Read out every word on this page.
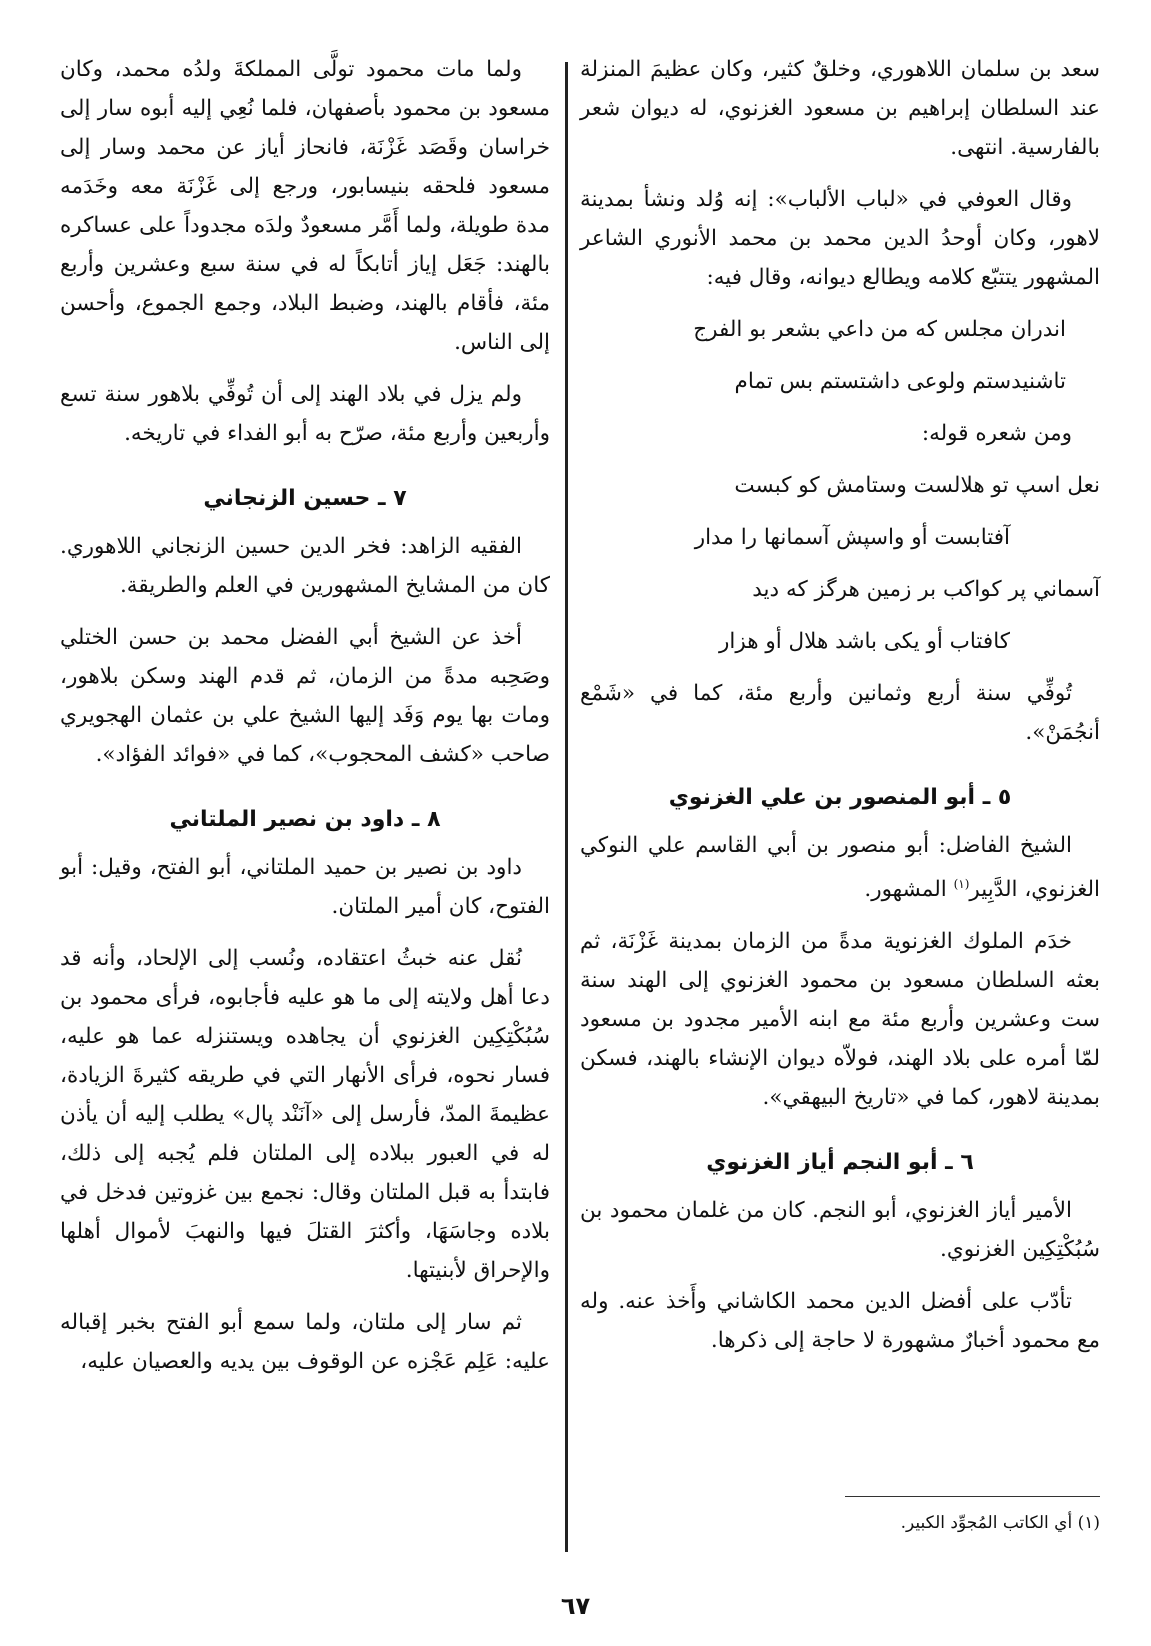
سعد بن سلمان اللاهوري، وخلقٌ كثير، وكان عظيمَ المنزلة عند السلطان إبراهيم بن مسعود الغزنوي، له ديوان شعر بالفارسية. انتهى.

وقال العوفي في «لباب الألباب»: إنه وُلد ونشأ بمدينة لاهور، وكان أوحدُ الدين محمد بن محمد الأنوري الشاعر المشهور يتتبّع كلامه ويطالع ديوانه، وقال فيه:

اندران مجلس كه من داعي بشعر بو الفرج
تاشنيدستم ولوعى داشتستم بس تمام

ومن شعره قوله:

نعل اسپ تو هلالست وستامش كو كبست
آفتابست أو واسپش آسمانها را مدار
آسماني پر كواكب بر زمين هرگز كه ديد
كافتاب أو يكى باشد هلال أو هزار

تُوفِّي سنة أربع وثمانين وأربع مئة، كما في «شَمْع أنجُمَنْ».

٥ ـ أبو المنصور بن علي الغزنوي

الشيخ الفاضل: أبو منصور بن أبي القاسم علي النوكي الغزنوي، الدَّبِير$^{(١)}$ المشهور.

خدَم الملوك الغزنوية مدةً من الزمان بمدينة غَزْنَة، ثم بعثه السلطان مسعود بن محمود الغزنوي إلى الهند سنة ست وعشرين وأربع مئة مع ابنه الأمير مجدود بن مسعود لمّا أمره على بلاد الهند، فولاّه ديوان الإنشاء بالهند، فسكن بمدينة لاهور، كما في «تاريخ البيهقي».

٦ ـ أبو النجم أياز الغزنوي

الأمير أياز الغزنوي، أبو النجم. كان من غلمان محمود بن سُبُكْتِكِين الغزنوي.

تأدّب على أفضل الدين محمد الكاشاني وأَخذ عنه. وله مع محمود أخبارٌ مشهورة لا حاجة إلى ذكرها.

ولما مات محمود تولَّى المملكةَ ولدُه محمد، وكان مسعود بن محمود بأصفهان، فلما نُعِي إليه أبوه سار إلى خراسان وقَصَد غَزْنَة، فانحاز أياز عن محمد وسار إلى مسعود فلحقه بنيسابور، ورجع إلى غَزْنَة معه وخَدَمه مدة طويلة، ولما أَمَّر مسعودٌ ولدَه مجدوداً على عساكره بالهند: جَعَل إياز أتابكاً له في سنة سبع وعشرين وأربع مئة، فأقام بالهند، وضبط البلاد، وجمع الجموع، وأحسن إلى الناس.

ولم يزل في بلاد الهند إلى أن تُوفِّي بلاهور سنة تسع وأربعين وأربع مئة، صرّح به أبو الفداء في تاريخه.

٧ ـ حسين الزنجاني

الفقيه الزاهد: فخر الدين حسين الزنجاني اللاهوري. كان من المشايخ المشهورين في العلم والطريقة.

أخذ عن الشيخ أبي الفضل محمد بن حسن الختلي وصَحِبه مدةً من الزمان، ثم قدم الهند وسكن بلاهور، ومات بها يوم وَفَد إليها الشيخ علي بن عثمان الهجويري صاحب «كشف المحجوب»، كما في «فوائد الفؤاد».

٨ ـ داود بن نصير الملتاني

داود بن نصير بن حميد الملتاني، أبو الفتح، وقيل: أبو الفتوح، كان أمير الملتان.

نُقل عنه خبثُ اعتقاده، ونُسب إلى الإلحاد، وأنه قد دعا أهل ولايته إلى ما هو عليه فأجابوه، فرأى محمود بن سُبُكْتِكِين الغزنوي أن يجاهده ويستنزله عما هو عليه، فسار نحوه، فرأى الأنهار التي في طريقه كثيرةَ الزيادة، عظيمةَ المدّ، فأرسل إلى «آنَنْد پال» يطلب إليه أن يأذن له في العبور ببلاده إلى الملتان فلم يُجبه إلى ذلك، فابتدأ به قبل الملتان وقال: نجمع بين غزوتين فدخل في بلاده وجاسَهَا، وأكثرَ القتلَ فيها والنهبَ لأموال أهلها والإحراق لأبنيتها.

ثم سار إلى ملتان، ولما سمع أبو الفتح بخبر إقباله عليه: عَلِم عَجْزه عن الوقوف بين يديه والعصيان عليه،

(١) أي الكاتب المُجوِّد الكبير.
٦٧
